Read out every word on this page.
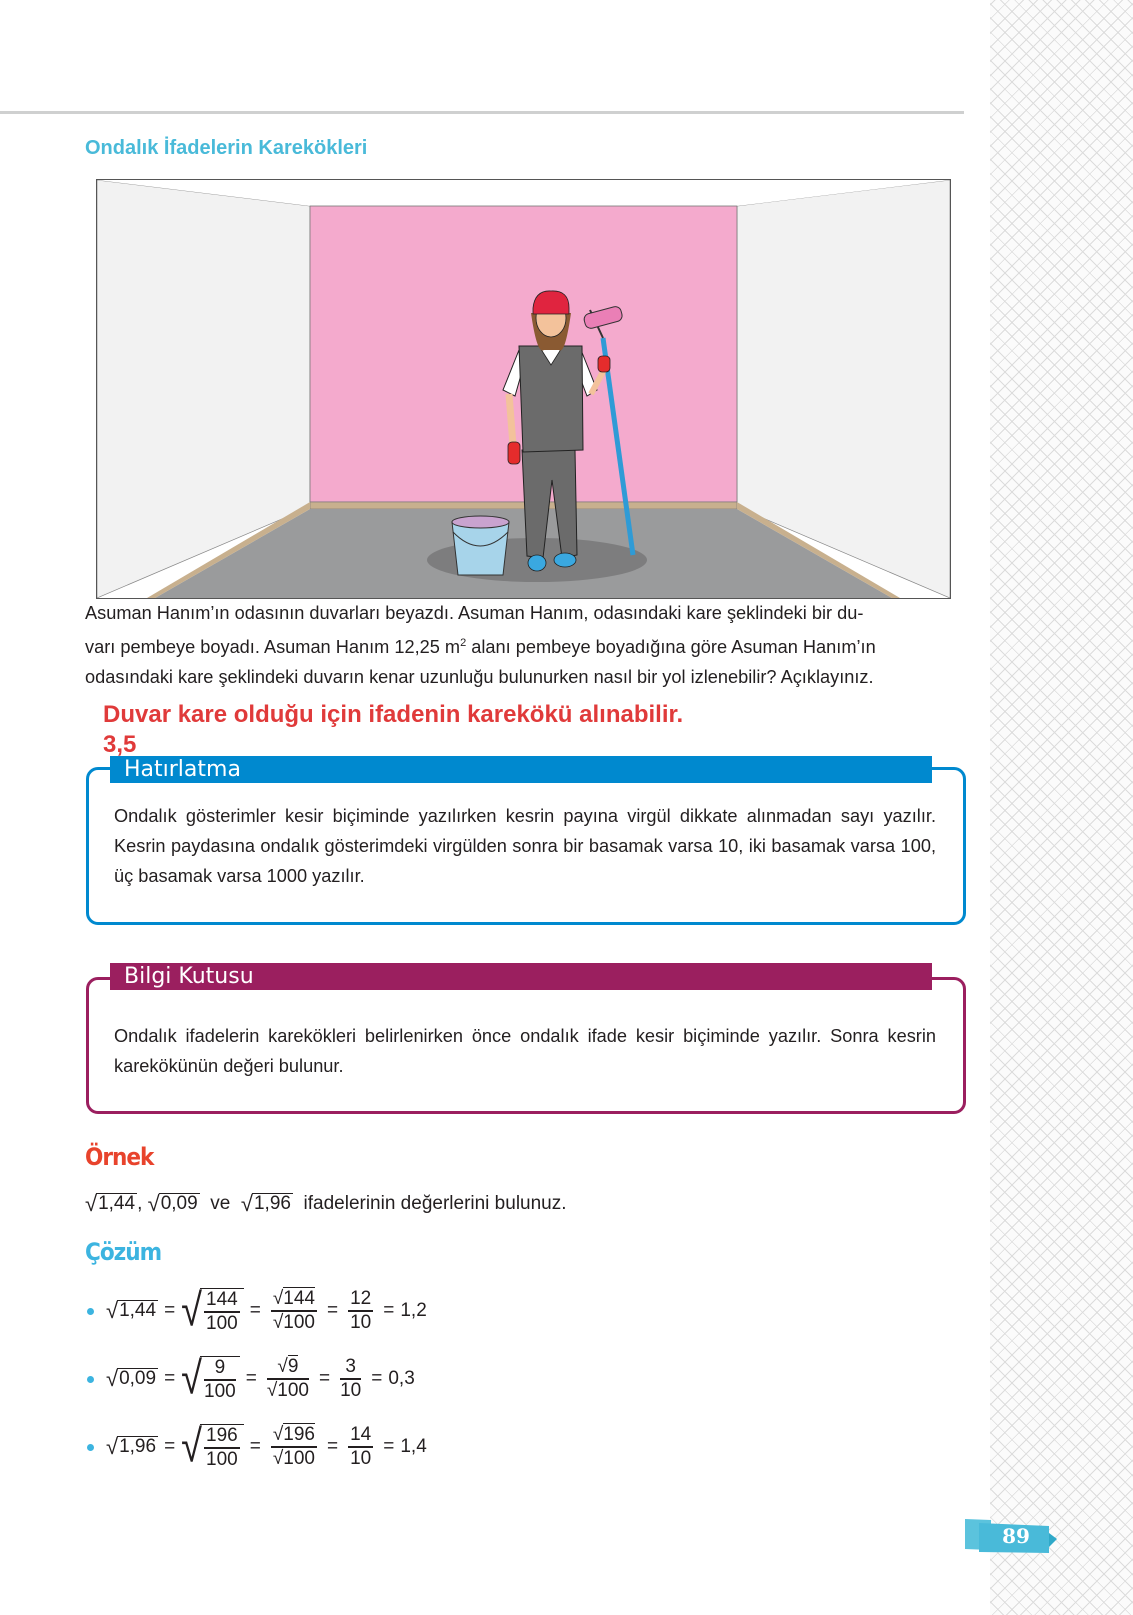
Ondalık İfadelerin Karekökleri
Asuman Hanım’ın odasının duvarları beyazdı. Asuman Hanım, odasındaki kare şeklindeki bir du-
varı pembeye boyadı. Asuman Hanım 12,25 $m^2$ alanı pembeye boyadığına göre Asuman Hanım’ın
odasındaki kare şeklindeki duvarın kenar uzunluğu bulunurken nasıl bir yol izlenebilir? Açıklayınız.
Hatırlatma
Ondalık gösterimler kesir biçiminde yazılırken kesrin payına virgül dikkate alınmadan sayı yazılır. Kesrin paydasına ondalık gösterimdeki virgülden sonra bir basamak varsa 10, iki basamak varsa 100, üç basamak varsa 1000 yazılır.
Duvar kare olduğu için ifadenin karekökü alınabilir.
3,5
Bilgi Kutusu
Ondalık ifadelerin karekökleri belirlenirken önce ondalık ifade kesir biçiminde yazılır. Sonra kesrin karekökünün değeri bulunur.
Örnek
√ 1,44 ,
√ 0,09
ve
√ 1,96
ifadelerinin değerlerini bulunuz.
Çözüm
√ 1,44 = √ $\frac{144}{100} = \frac{√144}{√100} = \frac{12}{10} = 1,2$
√ 0,09 = √ $\frac{9}{100} = \frac{√9}{√100} = \frac{3}{10} = 0,3$
√ 1,96 = √ $\frac{196}{100} = \frac{√196}{√100} = \frac{14}{10} = 1,4$
89
